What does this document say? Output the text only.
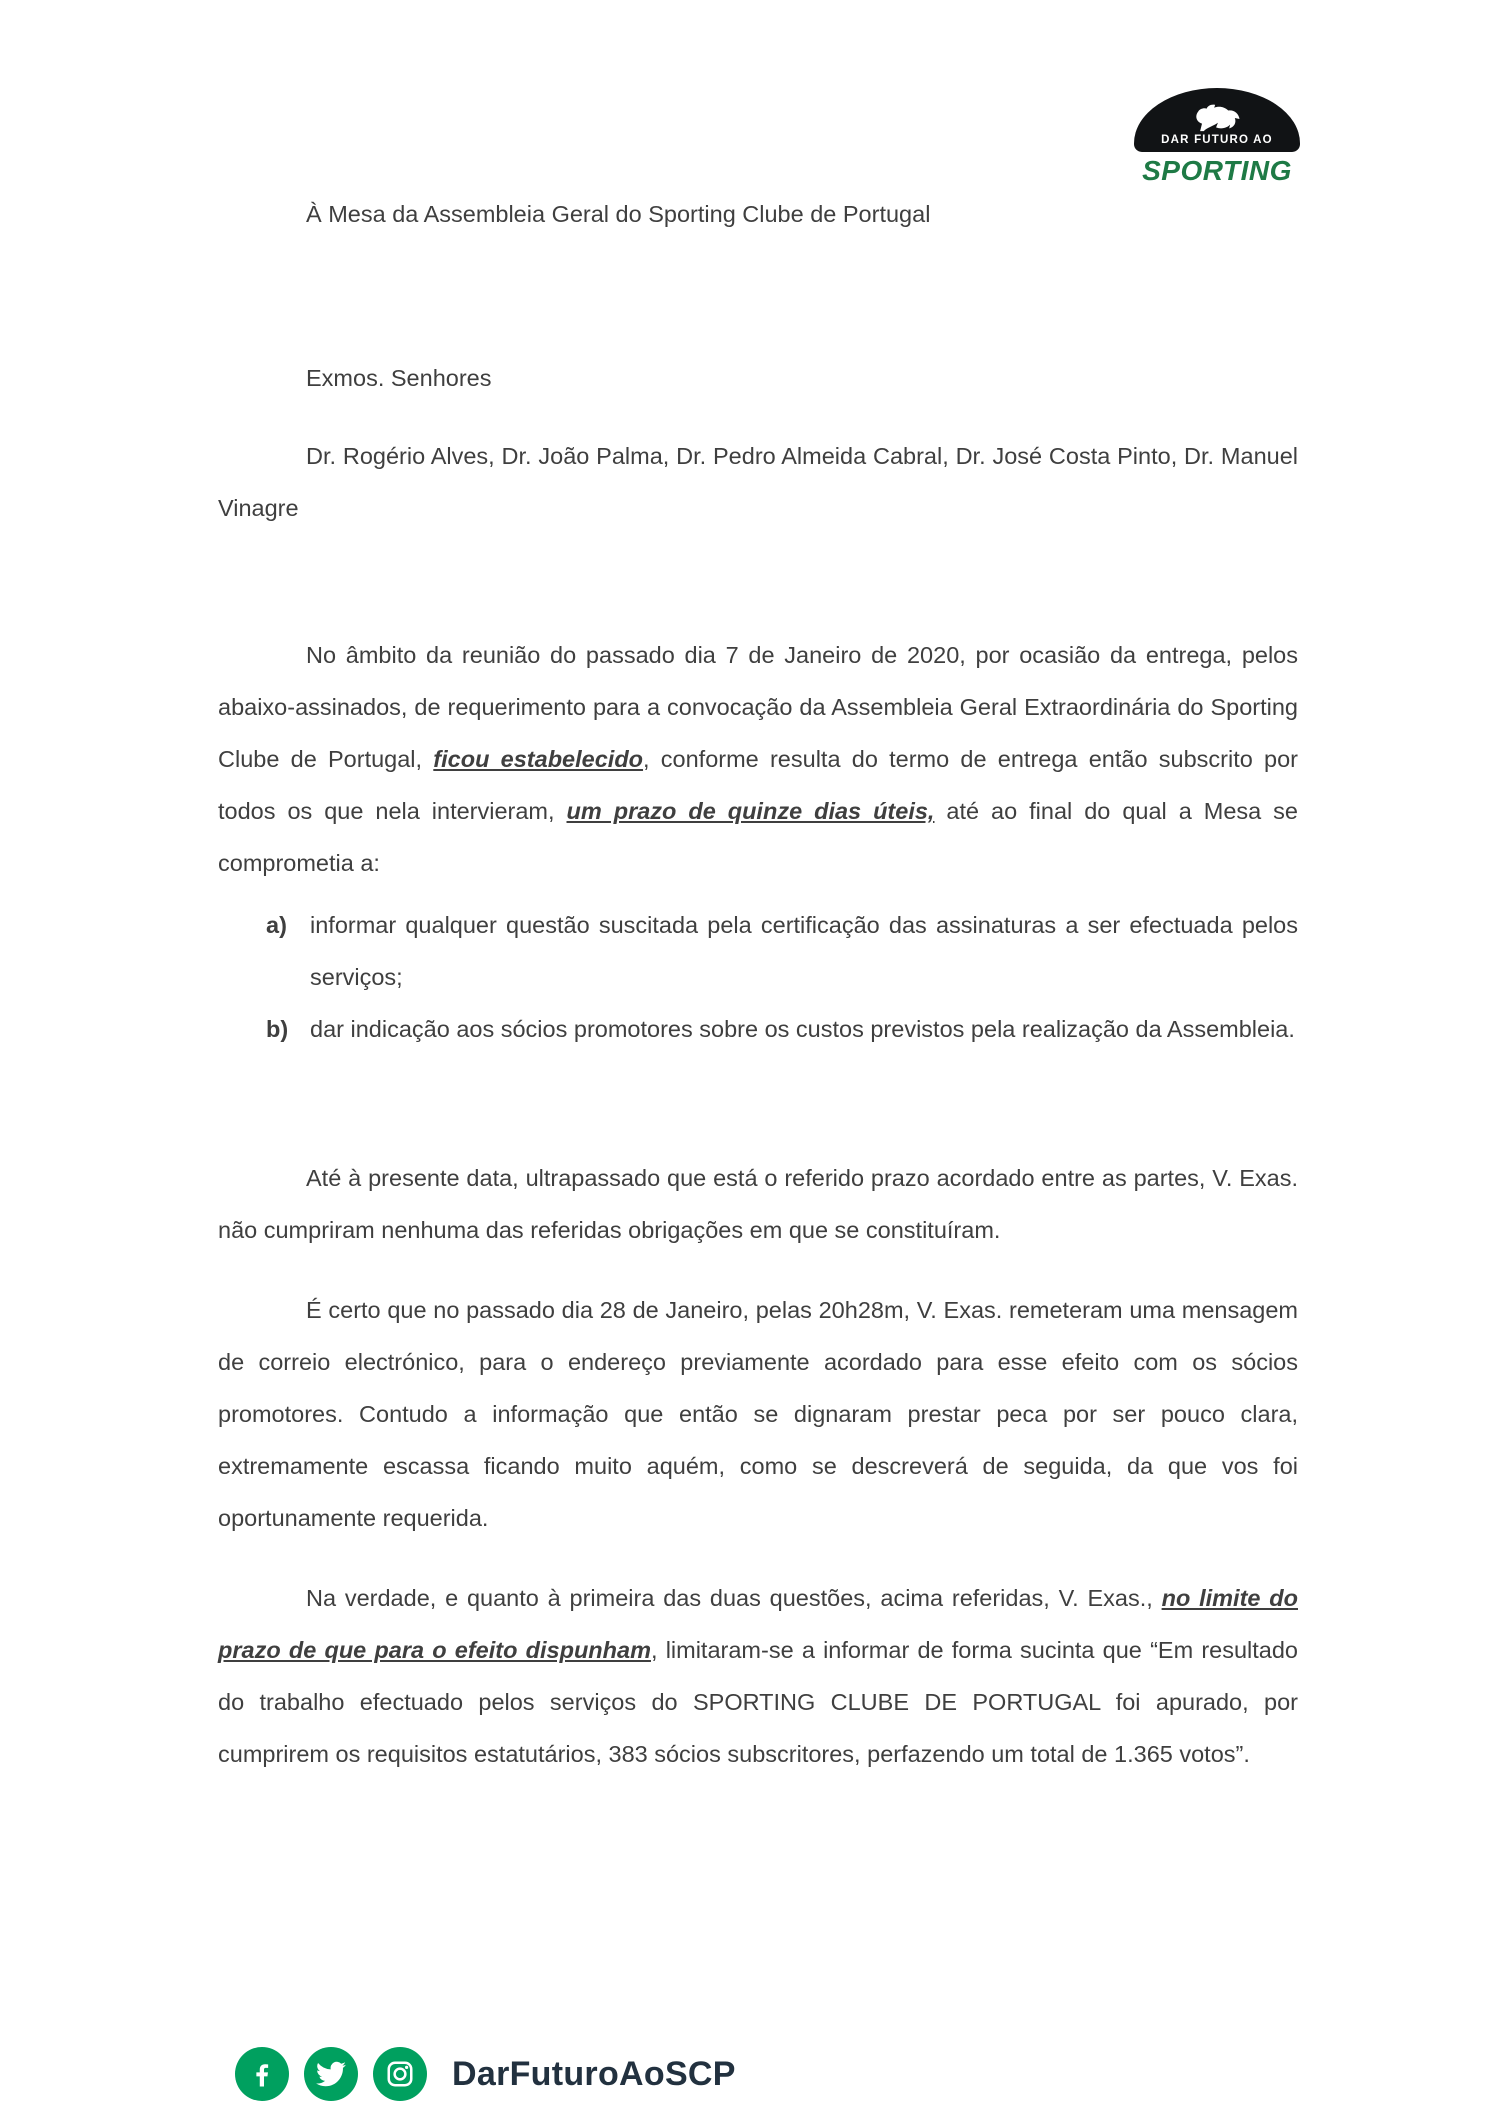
DAR FUTURO AO
SPORTING

À Mesa da Assembleia Geral do Sporting Clube de Portugal

Exmos. Senhores

Dr. Rogério Alves, Dr. João Palma, Dr. Pedro Almeida Cabral, Dr. José Costa Pinto, Dr. Manuel Vinagre

No âmbito da reunião do passado dia 7 de Janeiro de 2020, por ocasião da entrega, pelos abaixo-assinados, de requerimento para a convocação da Assembleia Geral Extraordinária do Sporting Clube de Portugal, ficou estabelecido, conforme resulta do termo de entrega então subscrito por todos os que nela intervieram, um prazo de quinze dias úteis, até ao final do qual a Mesa se comprometia a:

a) informar qualquer questão suscitada pela certificação das assinaturas a ser efectuada pelos serviços;
b) dar indicação aos sócios promotores sobre os custos previstos pela realização da Assembleia.

Até à presente data, ultrapassado que está o referido prazo acordado entre as partes, V. Exas. não cumpriram nenhuma das referidas obrigações em que se constituíram.

É certo que no passado dia 28 de Janeiro, pelas 20h28m, V. Exas. remeteram uma mensagem de correio electrónico, para o endereço previamente acordado para esse efeito com os sócios promotores. Contudo a informação que então se dignaram prestar peca por ser pouco clara, extremamente escassa ficando muito aquém, como se descreverá de seguida, da que vos foi oportunamente requerida.

Na verdade, e quanto à primeira das duas questões, acima referidas, V. Exas., no limite do prazo de que para o efeito dispunham, limitaram-se a informar de forma sucinta que “Em resultado do trabalho efectuado pelos serviços do SPORTING CLUBE DE PORTUGAL foi apurado, por cumprirem os requisitos estatutários, 383 sócios subscritores, perfazendo um total de 1.365 votos”.

DarFuturoAoSCP
